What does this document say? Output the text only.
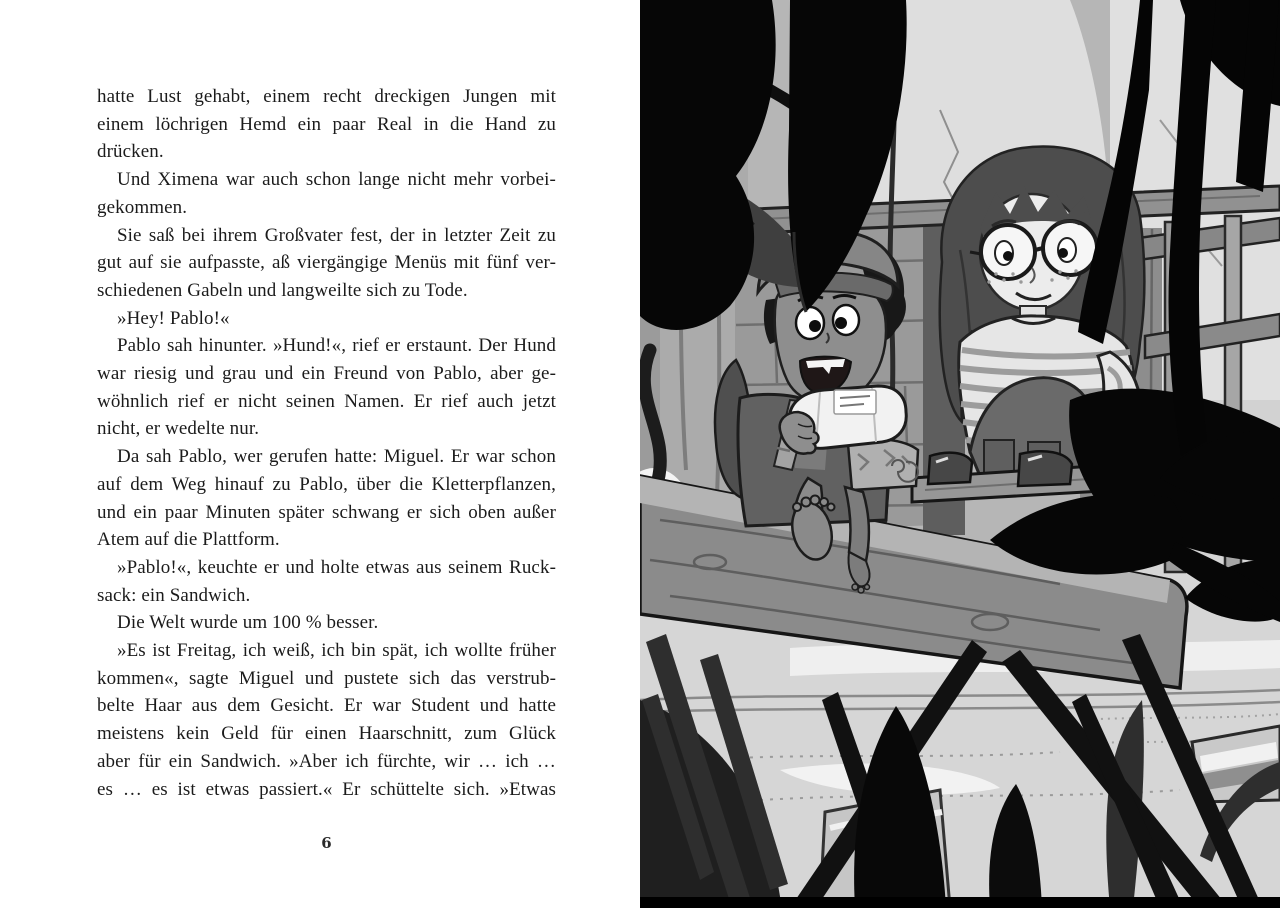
hatte Lust gehabt, einem recht dreckigen Jungen mit
einem löchrigen Hemd ein paar Real in die Hand zu
drücken.
Und Ximena war auch schon lange nicht mehr vorbei-
gekommen.
Sie saß bei ihrem Großvater fest, der in letzter Zeit zu
gut auf sie aufpasste, aß viergängige Menüs mit fünf ver-
schiedenen Gabeln und langweilte sich zu Tode.
»Hey! Pablo!«
Pablo sah hinunter. »Hund!«, rief er erstaunt. Der Hund
war riesig und grau und ein Freund von Pablo, aber ge-
wöhnlich rief er nicht seinen Namen. Er rief auch jetzt
nicht, er wedelte nur.
Da sah Pablo, wer gerufen hatte: Miguel. Er war schon
auf dem Weg hinauf zu Pablo, über die Kletterpflanzen,
und ein paar Minuten später schwang er sich oben außer
Atem auf die Plattform.
»Pablo!«, keuchte er und holte etwas aus seinem Ruck-
sack: ein Sandwich.
Die Welt wurde um 100 % besser.
»Es ist Freitag, ich weiß, ich bin spät, ich wollte früher
kommen«, sagte Miguel und pustete sich das verstrub-
belte Haar aus dem Gesicht. Er war Student und hatte
meistens kein Geld für einen Haarschnitt, zum Glück
aber für ein Sandwich. »Aber ich fürchte, wir … ich …
es … es ist etwas passiert.« Er schüttelte sich. »Etwas
6
